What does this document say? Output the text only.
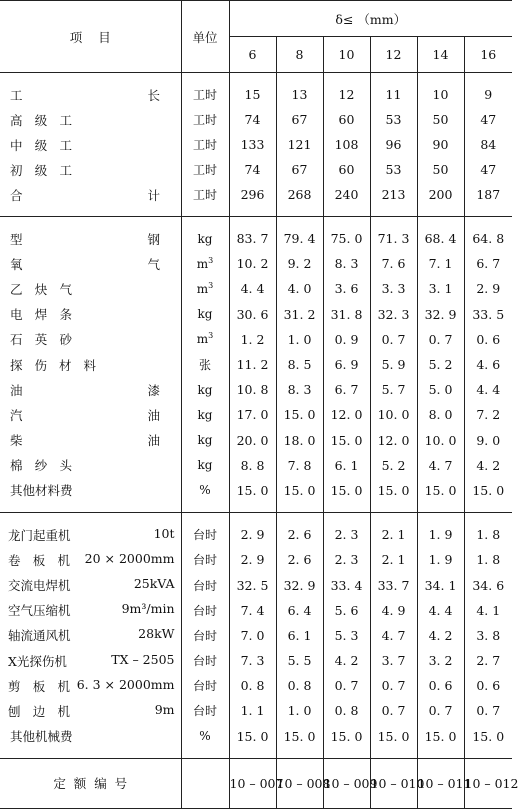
项    目	单位	δ≤ （mm）					
		6	8	10	12	14	16

工 长	工时	15	13	12	11	10	9

高 级 工	工时	74	67	60	53	50	47

中 级 工	工时	133	121	108	96	90	84

初 级 工	工时	74	67	60	53	50	47

合 计	工时	296	268	240	213	200	187

型 钢	kg	83. 7	79. 4	75. 0	71. 3	68. 4	64. 8

氧 气	$m^3$	10. 2	9. 2	8. 3	7. 6	7. 1	6. 7

乙 炔 气	$m^3$	4. 4	4. 0	3. 6	3. 3	3. 1	2. 9

电 焊 条	kg	30. 6	31. 2	31. 8	32. 3	32. 9	33. 5

石 英 砂	$m^3$	1. 2	1. 0	0. 9	0. 7	0. 7	0. 6

探 伤 材 料	张	11. 2	8. 5	6. 9	5. 9	5. 2	4. 6

油 漆	kg	10. 8	8. 3	6. 7	5. 7	5. 0	4. 4

汽 油	kg	17. 0	15. 0	12. 0	10. 0	8. 0	7. 2

柴 油	kg	20. 0	18. 0	15. 0	12. 0	10. 0	9. 0

棉 纱 头	kg	8. 8	7. 8	6. 1	5. 2	4. 7	4. 2
其他材料费	%	15. 0	15. 0	15. 0	15. 0	15. 0	15. 0

龙门起重机 10t	台时	2. 9	2. 6	2. 3	2. 1	1. 9	1. 8

卷 板 机 20 × 2000mm	台时	2. 9	2. 6	2. 3	2. 1	1. 9	1. 8

交流电焊机 25kVA	台时	32. 5	32. 9	33. 4	33. 7	34. 1	34. 6

空气压缩机 9m³/min	台时	7. 4	6. 4	5. 6	4. 9	4. 4	4. 1

轴流通风机 28kW	台时	7. 0	6. 1	5. 3	4. 7	4. 2	3. 8

X光探伤机 TX – 2505	台时	7. 3	5. 5	4. 2	3. 7	3. 2	2. 7

剪 板 机 6. 3 × 2000mm	台时	0. 8	0. 8	0. 7	0. 7	0. 6	0. 6

刨 边 机 9m	台时	1. 1	1. 0	0. 8	0. 7	0. 7	0. 7
其他机械费	%	15. 0	15. 0	15. 0	15. 0	15. 0	15. 0

定  额  编  号		10 – 007	10 – 008	10 – 009	10 – 010	10 – 011	10 – 012
